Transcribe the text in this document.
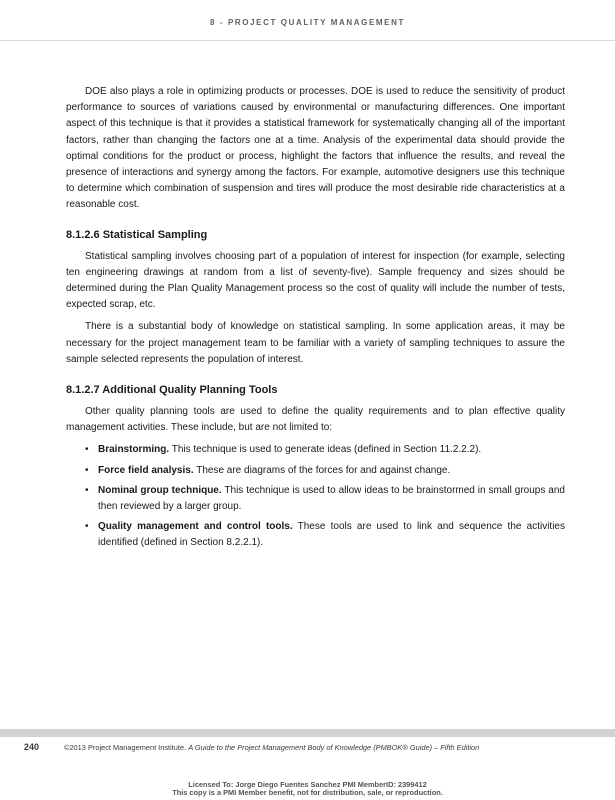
8 - PROJECT QUALITY MANAGEMENT

DOE also plays a role in optimizing products or processes. DOE is used to reduce the sensitivity of product performance to sources of variations caused by environmental or manufacturing differences. One important aspect of this technique is that it provides a statistical framework for systematically changing all of the important factors, rather than changing the factors one at a time. Analysis of the experimental data should provide the optimal conditions for the product or process, highlight the factors that influence the results, and reveal the presence of interactions and synergy among the factors. For example, automotive designers use this technique to determine which combination of suspension and tires will produce the most desirable ride characteristics at a reasonable cost.

8.1.2.6 Statistical Sampling

Statistical sampling involves choosing part of a population of interest for inspection (for example, selecting ten engineering drawings at random from a list of seventy-five). Sample frequency and sizes should be determined during the Plan Quality Management process so the cost of quality will include the number of tests, expected scrap, etc.

There is a substantial body of knowledge on statistical sampling. In some application areas, it may be necessary for the project management team to be familiar with a variety of sampling techniques to assure the sample selected represents the population of interest.

8.1.2.7 Additional Quality Planning Tools

Other quality planning tools are used to define the quality requirements and to plan effective quality management activities. These include, but are not limited to:

• Brainstorming. This technique is used to generate ideas (defined in Section 11.2.2.2).
• Force field analysis. These are diagrams of the forces for and against change.
• Nominal group technique. This technique is used to allow ideas to be brainstormed in small groups and then reviewed by a larger group.
• Quality management and control tools. These tools are used to link and sequence the activities identified (defined in Section 8.2.2.1).
240	©2013 Project Management Institute. A Guide to the Project Management Body of Knowledge (PMBOK® Guide) – Fifth Edition
Licensed To: Jorge Diego Fuentes Sanchez PMI MemberID: 2399412
This copy is a PMI Member benefit, not for distribution, sale, or reproduction.
